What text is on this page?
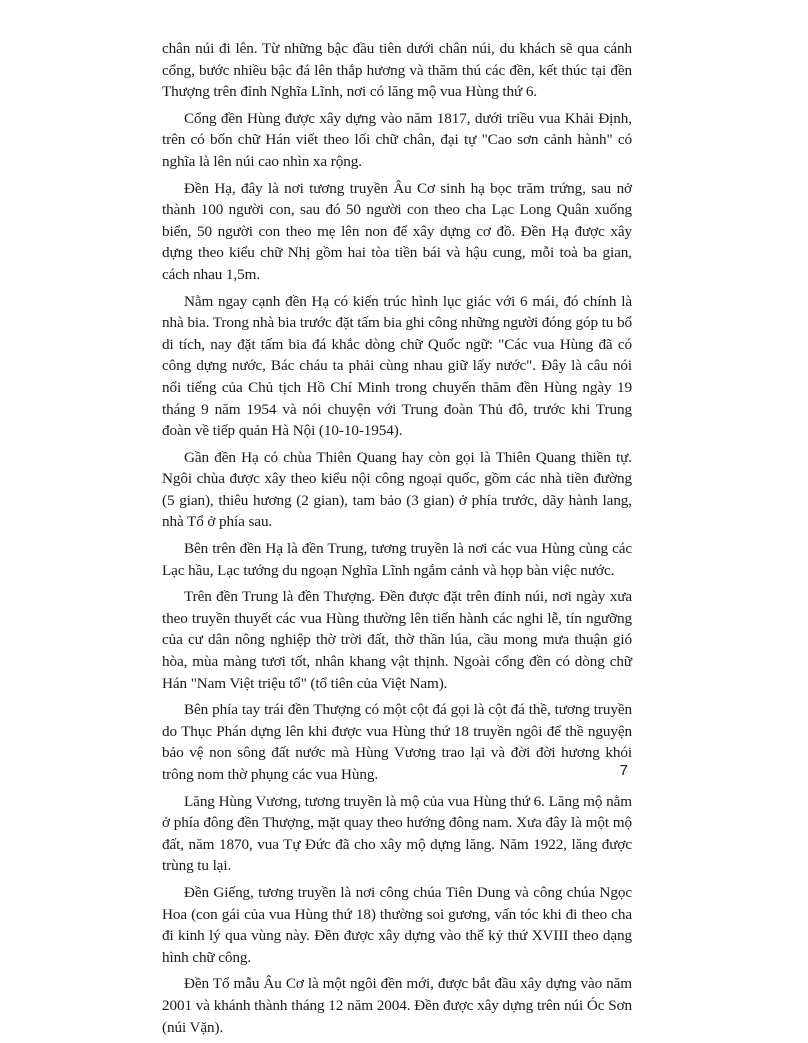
chân núi đi lên. Từ những bậc đầu tiên dưới chân núi, du khách sẽ qua cánh cổng, bước nhiều bậc đá lên thắp hương và thăm thú các đền, kết thúc tại đền Thượng trên đỉnh Nghĩa Lĩnh, nơi có lăng mộ vua Hùng thứ 6.

Cổng đền Hùng được xây dựng vào năm 1817, dưới triều vua Khải Định, trên có bốn chữ Hán viết theo lối chữ chân, đại tự "Cao sơn cảnh hành" có nghĩa là lên núi cao nhìn xa rộng.

Đền Hạ, đây là nơi tương truyền Âu Cơ sinh hạ bọc trăm trứng, sau nở thành 100 người con, sau đó 50 người con theo cha Lạc Long Quân xuống biển, 50 người con theo mẹ lên non để xây dựng cơ đồ. Đền Hạ được xây dựng theo kiểu chữ Nhị gồm hai tòa tiền bái và hậu cung, mỗi toà ba gian, cách nhau 1,5m.

Nằm ngay cạnh đền Hạ có kiến trúc hình lục giác với 6 mái, đó chính là nhà bia. Trong nhà bia trước đặt tấm bia ghi công những người đóng góp tu bổ di tích, nay đặt tấm bia đá khắc dòng chữ Quốc ngữ: "Các vua Hùng đã có công dựng nước, Bác cháu ta phải cùng nhau giữ lấy nước". Đây là câu nói nổi tiếng của Chủ tịch Hồ Chí Minh trong chuyến thăm đền Hùng ngày 19 tháng 9 năm 1954 và nói chuyện với Trung đoàn Thủ đô, trước khi Trung đoàn về tiếp quản Hà Nội (10-10-1954).

Gần đền Hạ có chùa Thiên Quang hay còn gọi là Thiên Quang thiền tự. Ngôi chùa được xây theo kiểu nội công ngoại quốc, gồm các nhà tiền đường (5 gian), thiêu hương (2 gian), tam bảo (3 gian) ở phía trước, dãy hành lang, nhà Tổ ở phía sau.

Bên trên đền Hạ là đền Trung, tương truyền là nơi các vua Hùng cùng các Lạc hầu, Lạc tướng du ngoạn Nghĩa Lĩnh ngắm cảnh và họp bàn việc nước.

Trên đền Trung là đền Thượng. Đền được đặt trên đỉnh núi, nơi ngày xưa theo truyền thuyết các vua Hùng thường lên tiến hành các nghi lễ, tín ngưỡng của cư dân nông nghiệp thờ trời đất, thờ thần lúa, cầu mong mưa thuận gió hòa, mùa màng tươi tốt, nhân khang vật thịnh. Ngoài cổng đền có dòng chữ Hán "Nam Việt triệu tổ" (tổ tiên của Việt Nam).

Bên phía tay trái đền Thượng có một cột đá gọi là cột đá thề, tương truyền do Thục Phán dựng lên khi được vua Hùng thứ 18 truyền ngôi để thề nguyện bảo vệ non sông đất nước mà Hùng Vương trao lại và đời đời hương khói trông nom thờ phụng các vua Hùng.

Lăng Hùng Vương, tương truyền là mộ của vua Hùng thứ 6. Lăng mộ nằm ở phía đông đền Thượng, mặt quay theo hướng đông nam. Xưa đây là một mộ đất, năm 1870, vua Tự Đức đã cho xây mộ dựng lăng. Năm 1922, lăng được trùng tu lại.

Đền Giếng, tương truyền là nơi công chúa Tiên Dung và công chúa Ngọc Hoa (con gái của vua Hùng thứ 18) thường soi gương, vấn tóc khi đi theo cha đi kinh lý qua vùng này. Đền được xây dựng vào thế kỷ thứ XVIII theo dạng hình chữ công.

Đền Tổ mẫu Âu Cơ là một ngôi đền mới, được bắt đầu xây dựng vào năm 2001 và khánh thành tháng 12 năm 2004. Đền được xây dựng trên núi Óc Sơn (núi Vặn).

7
